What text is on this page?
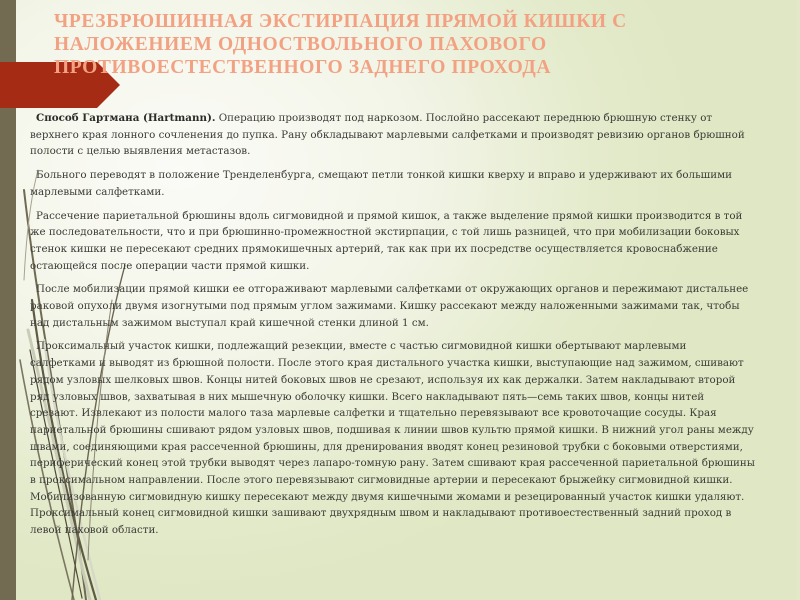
ЧРЕЗБРЮШИННАЯ ЭКСТИРПАЦИЯ ПРЯМОЙ КИШКИ С
НАЛОЖЕНИЕМ ОДНОСТВОЛЬНОГО ПАХОВОГО
ПРОТИВОЕСТЕСТВЕННОГО ЗАДНЕГО ПРОХОДА

Способ Гартмана (Hartmann). Операцию производят под наркозом. Послойно рассекают переднюю брюшную стенку от верхнего края лонного сочленения до пупка. Рану обкладывают марлевыми салфетками и производят ревизию органов брюшной полости с целью выявления метастазов.

Больного переводят в положение Тренделенбурга, смещают петли тонкой кишки кверху и вправо и удерживают их большими марлевыми салфетками.

Рассечение париетальной брюшины вдоль сигмовидной и прямой кишок, а также выделение прямой кишки производится в той же последовательности, что и при брюшинно-промежностной экстирпации, с той лишь разницей, что при мобилизации боковых стенок кишки не пересекают средних прямокишечных артерий, так как при их посредстве осуществляется кровоснабжение остающейся после операции части прямой кишки.

После мобилизации прямой кишки ее отгораживают марлевыми салфетками от окружающих органов и пережимают дистальнее раковой опухоли двумя изогнутыми под прямым углом зажимами. Кишку рассекают между наложенными зажимами так, чтобы над дистальным зажимом выступал край кишечной стенки длиной 1 см.

Проксимальный участок кишки, подлежащий резекции, вместе с частью сигмовидной кишки обертывают марлевыми салфетками и выводят из брюшной полости. После этого края дистального участка кишки, выступающие над зажимом, сшивают рядом узловых шелковых швов. Концы нитей боковых швов не срезают, используя их как держалки. Затем накладывают второй ряд узловых швов, захватывая в них мышечную оболочку кишки. Всего накладывают пять—семь таких швов, концы нитей срезают. Извлекают из полости малого таза марлевые салфетки и тщательно перевязывают все кровоточащие сосуды. Края париетальной брюшины сшивают рядом узловых швов, подшивая к линии швов культю прямой кишки. В нижний угол раны между швами, соединяющими края рассеченной брюшины, для дренирования вводят конец резиновой трубки с боковыми отверстиями, периферический конец этой трубки выводят через лапаро-томную рану. Затем сшивают края рассеченной париетальной брюшины в проксимальном направлении. После этого перевязывают сигмовидные артерии и пересекают брыжейку сигмовидной кишки. Мобилизованную сигмовидную кишку пересекают между двумя кишечными жомами и резецированный участок кишки удаляют. Проксимальный конец сигмовидной кишки зашивают двухрядным швом и накладывают противоестественный задний проход в левой паховой области.
